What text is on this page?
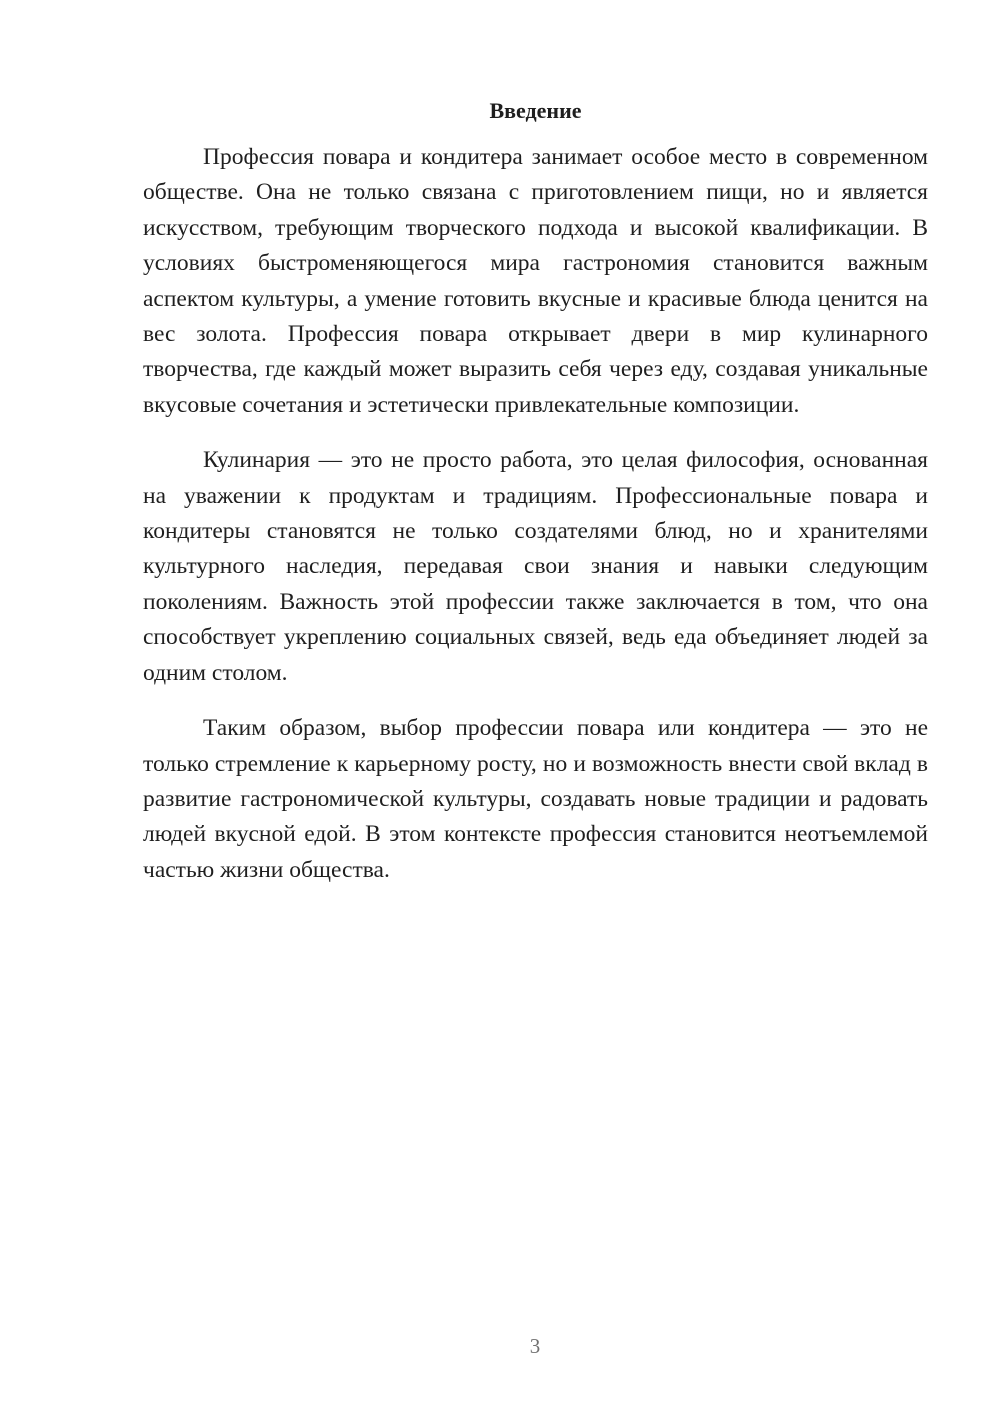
Введение

Профессия повара и кондитера занимает особое место в современном обществе. Она не только связана с приготовлением пищи, но и является искусством, требующим творческого подхода и высокой квалификации. В условиях быстроменяющегося мира гастрономия становится важным аспектом культуры, а умение готовить вкусные и красивые блюда ценится на вес золота. Профессия повара открывает двери в мир кулинарного творчества, где каждый может выразить себя через еду, создавая уникальные вкусовые сочетания и эстетически привлекательные композиции.

Кулинария — это не просто работа, это целая философия, основанная на уважении к продуктам и традициям. Профессиональные повара и кондитеры становятся не только создателями блюд, но и хранителями культурного наследия, передавая свои знания и навыки следующим поколениям. Важность этой профессии также заключается в том, что она способствует укреплению социальных связей, ведь еда объединяет людей за одним столом.

Таким образом, выбор профессии повара или кондитера — это не только стремление к карьерному росту, но и возможность внести свой вклад в развитие гастрономической культуры, создавать новые традиции и радовать людей вкусной едой. В этом контексте профессия становится неотъемлемой частью жизни общества.

3
